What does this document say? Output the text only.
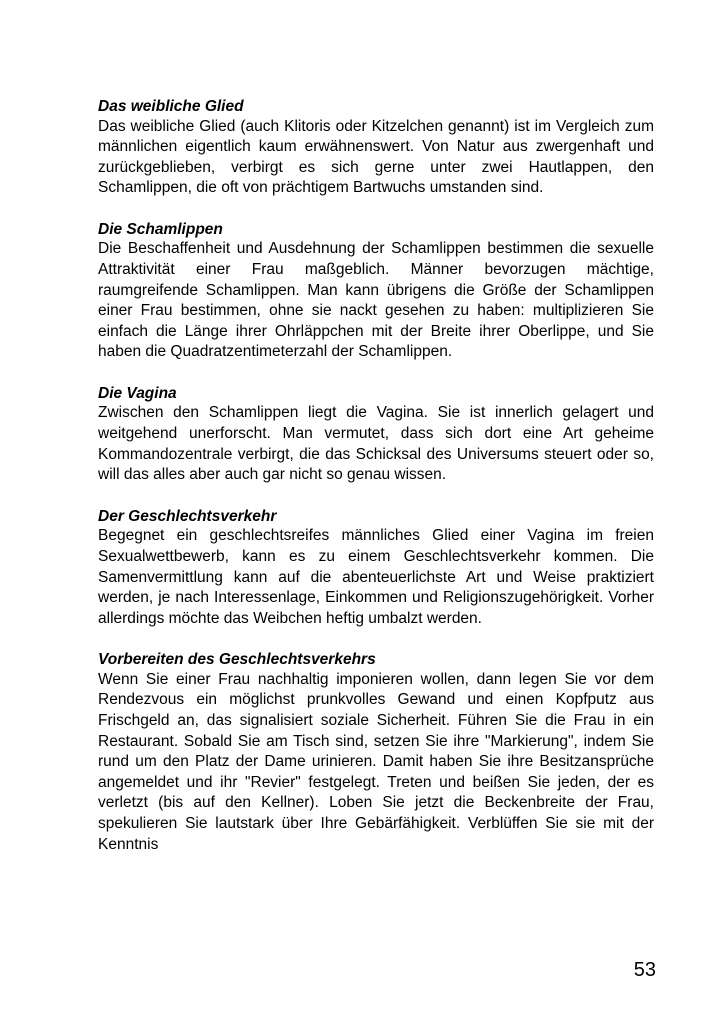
Das weibliche Glied

Das weibliche Glied (auch Klitoris oder Kitzelchen genannt) ist im Vergleich zum männlichen eigentlich kaum erwähnenswert. Von Natur aus zwergenhaft und zurückgeblieben, verbirgt es sich gerne unter zwei Hautlappen, den Schamlippen, die oft von prächtigem Bartwuchs umstanden sind.

Die Schamlippen

Die Beschaffenheit und Ausdehnung der Schamlippen bestimmen die sexuelle Attraktivität einer Frau maßgeblich. Männer bevorzugen mächtige, raumgreifende Schamlippen. Man kann übrigens die Größe der Schamlippen einer Frau bestimmen, ohne sie nackt gesehen zu haben: multiplizieren Sie einfach die Länge ihrer Ohrläppchen mit der Breite ihrer Oberlippe, und Sie haben die Quadratzentimeterzahl der Schamlippen.

Die Vagina

Zwischen den Schamlippen liegt die Vagina. Sie ist innerlich gelagert und weitgehend unerforscht. Man vermutet, dass sich dort eine Art geheime Kommandozentrale verbirgt, die das Schicksal des Universums steuert oder so, will das alles aber auch gar nicht so genau wissen.

Der Geschlechtsverkehr

Begegnet ein geschlechtsreifes männliches Glied einer Vagina im freien Sexualwettbewerb, kann es zu einem Geschlechtsverkehr kommen. Die Samenvermittlung kann auf die abenteuerlichste Art und Weise praktiziert werden, je nach Interessenlage, Einkommen und Religionszugehörigkeit. Vorher allerdings möchte das Weibchen heftig umbalzt werden.

Vorbereiten des Geschlechtsverkehrs

Wenn Sie einer Frau nachhaltig imponieren wollen, dann legen Sie vor dem Rendezvous ein möglichst prunkvolles Gewand und einen Kopfputz aus Frischgeld an, das signalisiert soziale Sicherheit. Führen Sie die Frau in ein Restaurant. Sobald Sie am Tisch sind, setzen Sie ihre "Markierung", indem Sie rund um den Platz der Dame urinieren. Damit haben Sie ihre Besitzansprüche angemeldet und ihr "Revier" festgelegt. Treten und beißen Sie jeden, der es verletzt (bis auf den Kellner). Loben Sie jetzt die Beckenbreite der Frau, spekulieren Sie lautstark über Ihre Gebärfähigkeit. Verblüffen Sie sie mit der Kenntnis

53
